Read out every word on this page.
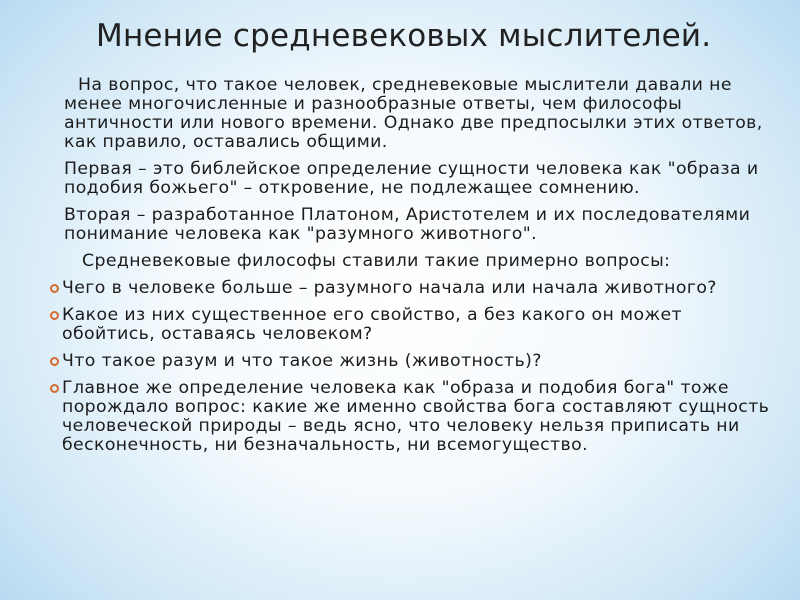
Мнение средневековых мыслителей.

На вопрос, что такое человек, средневековые мыслители давали не менее многочисленные и разнообразные ответы, чем философы античности или нового времени. Однако две предпосылки этих ответов, как правило, оставались общими.

Первая – это библейское определение сущности человека как "образа и подобия божьего" – откровение, не подлежащее сомнению.
Вторая – разработанное Платоном, Аристотелем и их последователями понимание человека как "разумного животного".

Средневековые философы ставили такие примерно вопросы:

Чего в человеке больше – разумного начала или начала животного?
Какое из них существенное его свойство, а без какого он может обойтись, оставаясь человеком?
Что такое разум и что такое жизнь (животность)?
Главное же определение человека как "образа и подобия бога" тоже порождало вопрос: какие же именно свойства бога составляют сущность человеческой природы – ведь ясно, что человеку нельзя приписать ни бесконечность, ни безначальность, ни всемогущество.
